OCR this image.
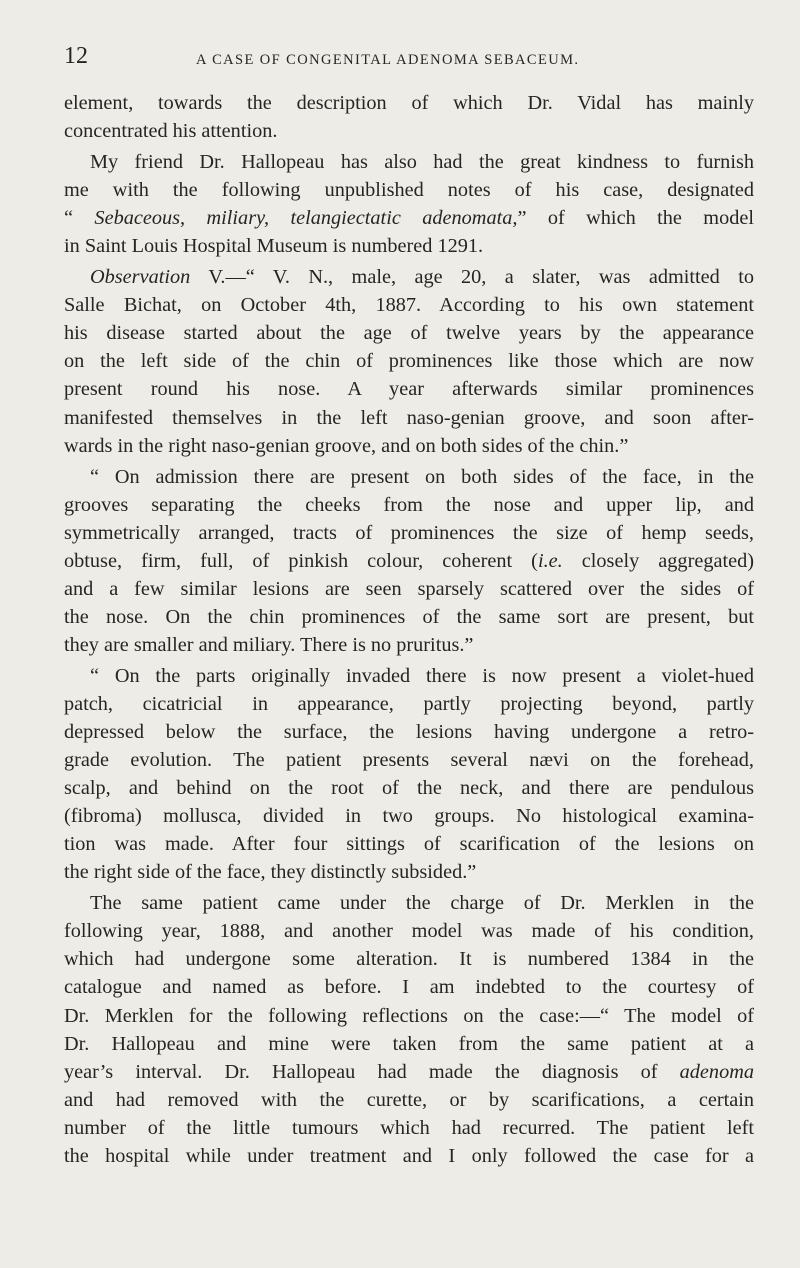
12	A CASE OF CONGENITAL ADENOMA SEBACEUM.
element, towards the description of which Dr. Vidal has mainly
concentrated his attention.
My friend Dr. Hallopeau has also had the great kindness to furnish
me with the following unpublished notes of his case, designated
“ Sebaceous, miliary, telangiectatic adenomata,” of which the model
in Saint Louis Hospital Museum is numbered 1291.
Observation V.—“ V. N., male, age 20, a slater, was admitted to
Salle Bichat, on October 4th, 1887. According to his own statement
his disease started about the age of twelve years by the appearance
on the left side of the chin of prominences like those which are now
present round his nose. A year afterwards similar prominences
manifested themselves in the left naso-genian groove, and soon after-
wards in the right naso-genian groove, and on both sides of the chin.”
“ On admission there are present on both sides of the face, in the
grooves separating the cheeks from the nose and upper lip, and
symmetrically arranged, tracts of prominences the size of hemp seeds,
obtuse, firm, full, of pinkish colour, coherent (i.e. closely aggregated)
and a few similar lesions are seen sparsely scattered over the sides of
the nose. On the chin prominences of the same sort are present, but
they are smaller and miliary. There is no pruritus.”
“ On the parts originally invaded there is now present a violet-hued
patch, cicatricial in appearance, partly projecting beyond, partly
depressed below the surface, the lesions having undergone a retro-
grade evolution. The patient presents several nævi on the forehead,
scalp, and behind on the root of the neck, and there are pendulous
(fibroma) mollusca, divided in two groups. No histological examina-
tion was made. After four sittings of scarification of the lesions on
the right side of the face, they distinctly subsided.”
The same patient came under the charge of Dr. Merklen in the
following year, 1888, and another model was made of his condition,
which had undergone some alteration. It is numbered 1384 in the
catalogue and named as before. I am indebted to the courtesy of
Dr. Merklen for the following reflections on the case:—“ The model of
Dr. Hallopeau and mine were taken from the same patient at a
year’s interval. Dr. Hallopeau had made the diagnosis of adenoma
and had removed with the curette, or by scarifications, a certain
number of the little tumours which had recurred. The patient left
the hospital while under treatment and I only followed the case for a
